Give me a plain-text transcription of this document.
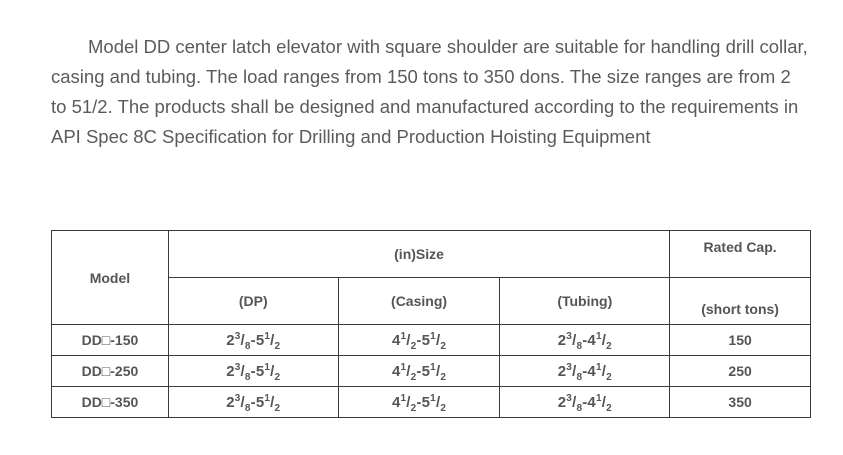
Model DD center latch elevator with square shoulder are suitable for handling drill collar, casing and tubing. The load ranges from 150 tons to 350 dons. The size ranges are from 2 to 51/2. The products shall be designed and manufactured according to the requirements in API Spec 8C Specification for Drilling and Production Hoisting Equipment

Model	(in)Size			Rated Cap.
	(DP)	(Casing)	(Tubing)	(short tons)
DD□-150	$2^3/_8-5^1/_2$	$4^1/_2-5^1/_2$	$2^3/_8-4^1/_2$	150
DD□-250	$2^3/_8-5^1/_2$	$4^1/_2-5^1/_2$	$2^3/_8-4^1/_2$	250
DD□-350	$2^3/_8-5^1/_2$	$4^1/_2-5^1/_2$	$2^3/_8-4^1/_2$	350
